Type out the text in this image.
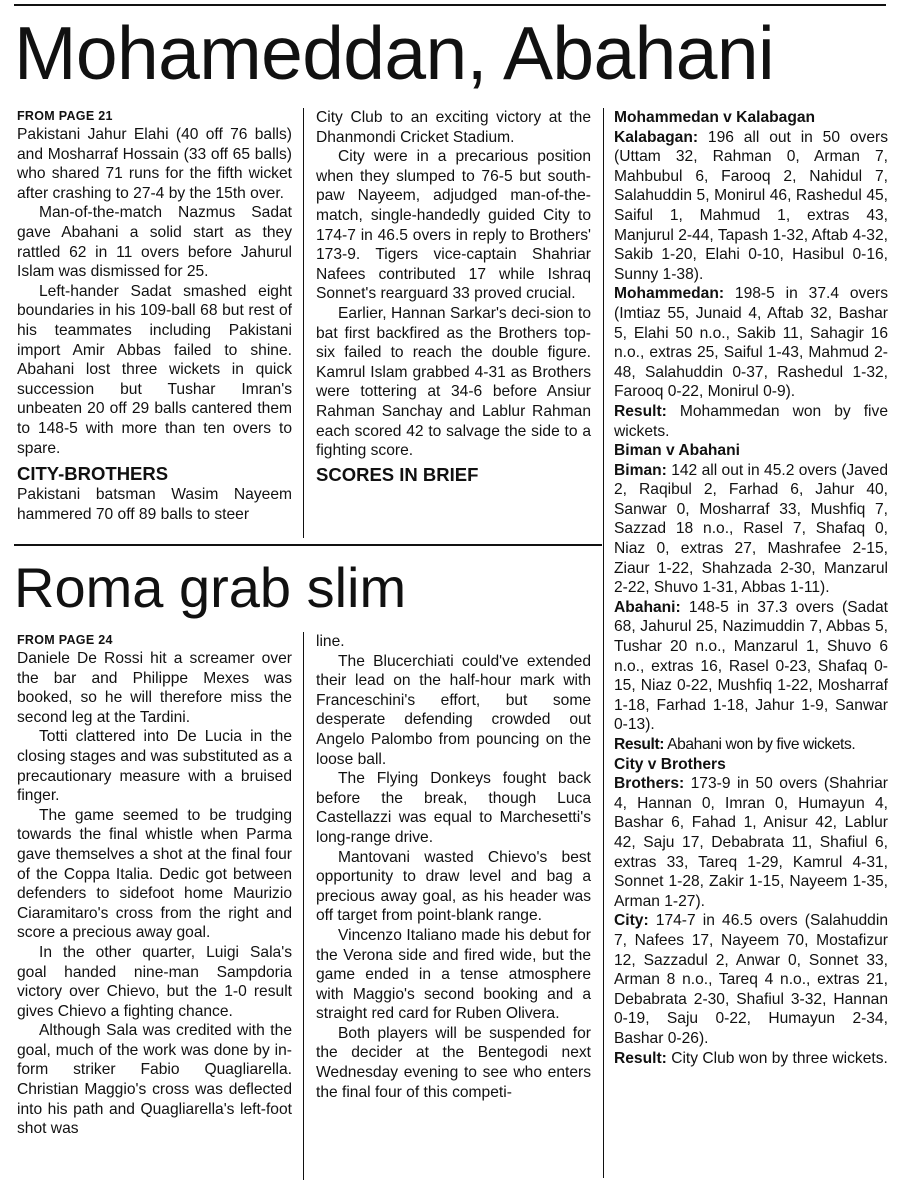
Mohameddan, Abahani
FROM PAGE 21

Pakistani Jahur Elahi (40 off 76 balls) and Mosharraf Hossain (33 off 65 balls) who shared 71 runs for the fifth wicket after crashing to 27-4 by the 15th over.

Man-of-the-match Nazmus Sadat gave Abahani a solid start as they rattled 62 in 11 overs before Jahurul Islam was dismissed for 25.

Left-hander Sadat smashed eight boundaries in his 109-ball 68 but rest of his teammates including Pakistani import Amir Abbas failed to shine. Abahani lost three wickets in quick succession but Tushar Imran's unbeaten 20 off 29 balls cantered them to 148-5 with more than ten overs to spare.

CITY-BROTHERS

Pakistani batsman Wasim Nayeem hammered 70 off 89 balls to steer

City Club to an exciting victory at the Dhanmondi Cricket Stadium.

City were in a precarious position when they slumped to 76-5 but south-paw Nayeem, adjudged man-of-the-match, single-handedly guided City to 174-7 in 46.5 overs in reply to Brothers' 173-9. Tigers vice-captain Shahriar Nafees contributed 17 while Ishraq Sonnet's rearguard 33 proved crucial.

Earlier, Hannan Sarkar's deci-sion to bat first backfired as the Brothers top-six failed to reach the double figure. Kamrul Islam grabbed 4-31 as Brothers were tottering at 34-6 before Ansiur Rahman Sanchay and Lablur Rahman each scored 42 to salvage the side to a fighting score.

SCORES IN BRIEF
Roma grab slim
FROM PAGE 24

Daniele De Rossi hit a screamer over the bar and Philippe Mexes was booked, so he will therefore miss the second leg at the Tardini.

Totti clattered into De Lucia in the closing stages and was substituted as a precautionary measure with a bruised finger.

The game seemed to be trudging towards the final whistle when Parma gave themselves a shot at the final four of the Coppa Italia. Dedic got between defenders to sidefoot home Maurizio Ciaramitaro's cross from the right and score a precious away goal.

In the other quarter, Luigi Sala's goal handed nine-man Sampdoria victory over Chievo, but the 1-0 result gives Chievo a fighting chance.

Although Sala was credited with the goal, much of the work was done by in-form striker Fabio Quagliarella. Christian Maggio's cross was deflected into his path and Quagliarella's left-foot shot was

line.

The Blucerchiati could've extended their lead on the half-hour mark with Franceschini's effort, but some desperate defending crowded out Angelo Palombo from pouncing on the loose ball.

The Flying Donkeys fought back before the break, though Luca Castellazzi was equal to Marchesetti's long-range drive.

Mantovani wasted Chievo's best opportunity to draw level and bag a precious away goal, as his header was off target from point-blank range.

Vincenzo Italiano made his debut for the Verona side and fired wide, but the game ended in a tense atmosphere with Maggio's second booking and a straight red card for Ruben Olivera.

Both players will be suspended for the decider at the Bentegodi next Wednesday evening to see who enters the final four of this competi-

Mohammedan v Kalabagan
Kalabagan: 196 all out in 50 overs (Uttam 32, Rahman 0, Arman 7, Mahbubul 6, Farooq 2, Nahidul 7, Salahuddin 5, Monirul 46, Rashedul 45, Saiful 1, Mahmud 1, extras 43, Manjurul 2-44, Tapash 1-32, Aftab 4-32, Sakib 1-20, Elahi 0-10, Hasibul 0-16, Sunny 1-38).
Mohammedan: 198-5 in 37.4 overs (Imtiaz 55, Junaid 4, Aftab 32, Bashar 5, Elahi 50 n.o., Sakib 11, Sahagir 16 n.o., extras 25, Saiful 1-43, Mahmud 2-48, Salahuddin 0-37, Rashedul 1-32, Farooq 0-22, Monirul 0-9).
Result: Mohammedan won by five wickets.
Biman v Abahani
Biman: 142 all out in 45.2 overs (Javed 2, Raqibul 2, Farhad 6, Jahur 40, Sanwar 0, Mosharraf 33, Mushfiq 7, Sazzad 18 n.o., Rasel 7, Shafaq 0, Niaz 0, extras 27, Mashrafee 2-15, Ziaur 1-22, Shahzada 2-30, Manzarul 2-22, Shuvo 1-31, Abbas 1-11).
Abahani: 148-5 in 37.3 overs (Sadat 68, Jahurul 25, Nazimuddin 7, Abbas 5, Tushar 20 n.o., Manzarul 1, Shuvo 6 n.o., extras 16, Rasel 0-23, Shafaq 0-15, Niaz 0-22, Mushfiq 1-22, Mosharraf 1-18, Farhad 1-18, Jahur 1-9, Sanwar 0-13).
Result: Abahani won by five wickets.
City v Brothers
Brothers: 173-9 in 50 overs (Shahriar 4, Hannan 0, Imran 0, Humayun 4, Bashar 6, Fahad 1, Anisur 42, Lablur 42, Saju 17, Debabrata 11, Shafiul 6, extras 33, Tareq 1-29, Kamrul 4-31, Sonnet 1-28, Zakir 1-15, Nayeem 1-35, Arman 1-27).
City: 174-7 in 46.5 overs (Salahuddin 7, Nafees 17, Nayeem 70, Mostafizur 12, Sazzadul 2, Anwar 0, Sonnet 33, Arman 8 n.o., Tareq 4 n.o., extras 21, Debabrata 2-30, Shafiul 3-32, Hannan 0-19, Saju 0-22, Humayun 2-34, Bashar 0-26).
Result: City Club won by three wickets.
